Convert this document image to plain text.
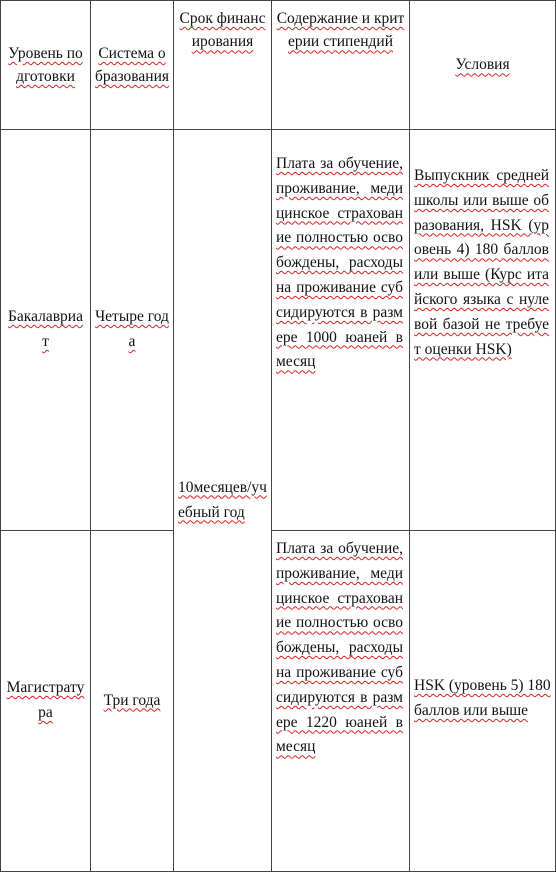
Уровень подготовки	Система образования	Срок финансирования	Содержание и критерии стипендий	Условия
Бакалавриат	Четыре года	10месяцев/учебный год	Плата за обучение, проживание, медицинское страхование полностью освобождены, расходы на проживание субсидируются в размере 1000 юаней в месяц	Выпускник средней школы или выше образования, HSK (уровень 4) 180 баллов или выше (Курс итайского языка с нулевой базой не требует оценки HSK)
Магистратура	Три года		Плата за обучение, проживание, медицинское страхование полностью освобождены, расходы на проживание субсидируются в размере 1220 юаней в месяц	HSK (уровень 5) 180 баллов или выше
